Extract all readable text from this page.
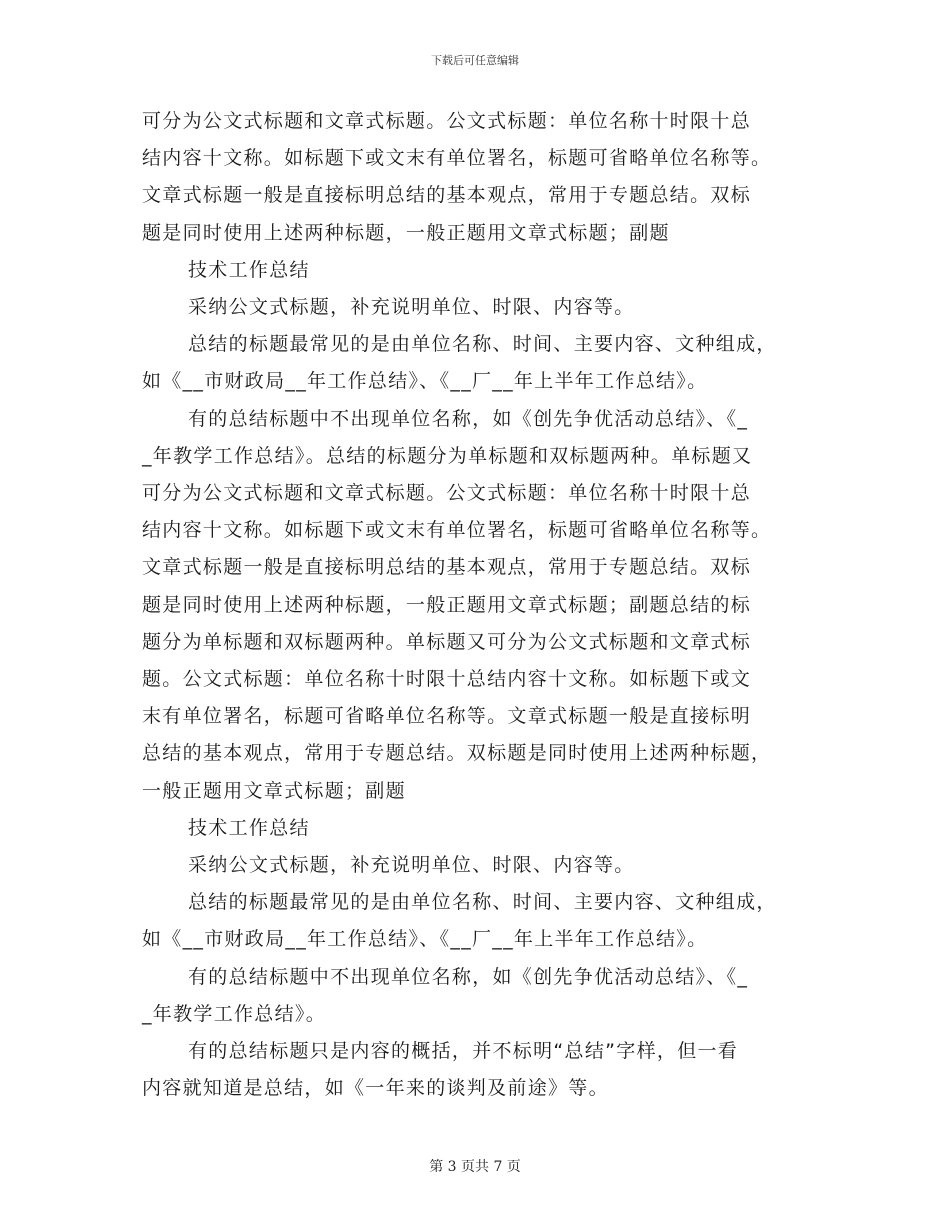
下载后可任意编辑
可分为公文式标题和文章式标题。公文式标题：单位名称十时限十总
结内容十文称。如标题下或文末有单位署名，标题可省略单位名称等。
文章式标题一般是直接标明总结的基本观点，常用于专题总结。双标
题是同时使用上述两种标题，一般正题用文章式标题；副题
技术工作总结
采纳公文式标题，补充说明单位、时限、内容等。
总结的标题最常见的是由单位名称、时间、主要内容、文种组成，
如《__市财政局__年工作总结》、《__厂__年上半年工作总结》。
有的总结标题中不出现单位名称，如《创先争优活动总结》、《_
_年教学工作总结》。总结的标题分为单标题和双标题两种。单标题又
可分为公文式标题和文章式标题。公文式标题：单位名称十时限十总
结内容十文称。如标题下或文末有单位署名，标题可省略单位名称等。
文章式标题一般是直接标明总结的基本观点，常用于专题总结。双标
题是同时使用上述两种标题，一般正题用文章式标题；副题总结的标
题分为单标题和双标题两种。单标题又可分为公文式标题和文章式标
题。公文式标题：单位名称十时限十总结内容十文称。如标题下或文
末有单位署名，标题可省略单位名称等。文章式标题一般是直接标明
总结的基本观点，常用于专题总结。双标题是同时使用上述两种标题，
一般正题用文章式标题；副题
技术工作总结
采纳公文式标题，补充说明单位、时限、内容等。
总结的标题最常见的是由单位名称、时间、主要内容、文种组成，
如《__市财政局__年工作总结》、《__厂__年上半年工作总结》。
有的总结标题中不出现单位名称，如《创先争优活动总结》、《_
_年教学工作总结》。
有的总结标题只是内容的概括，并不标明“总结”字样，但一看
内容就知道是总结，如《一年来的谈判及前途》等。
第 3 页共 7 页
